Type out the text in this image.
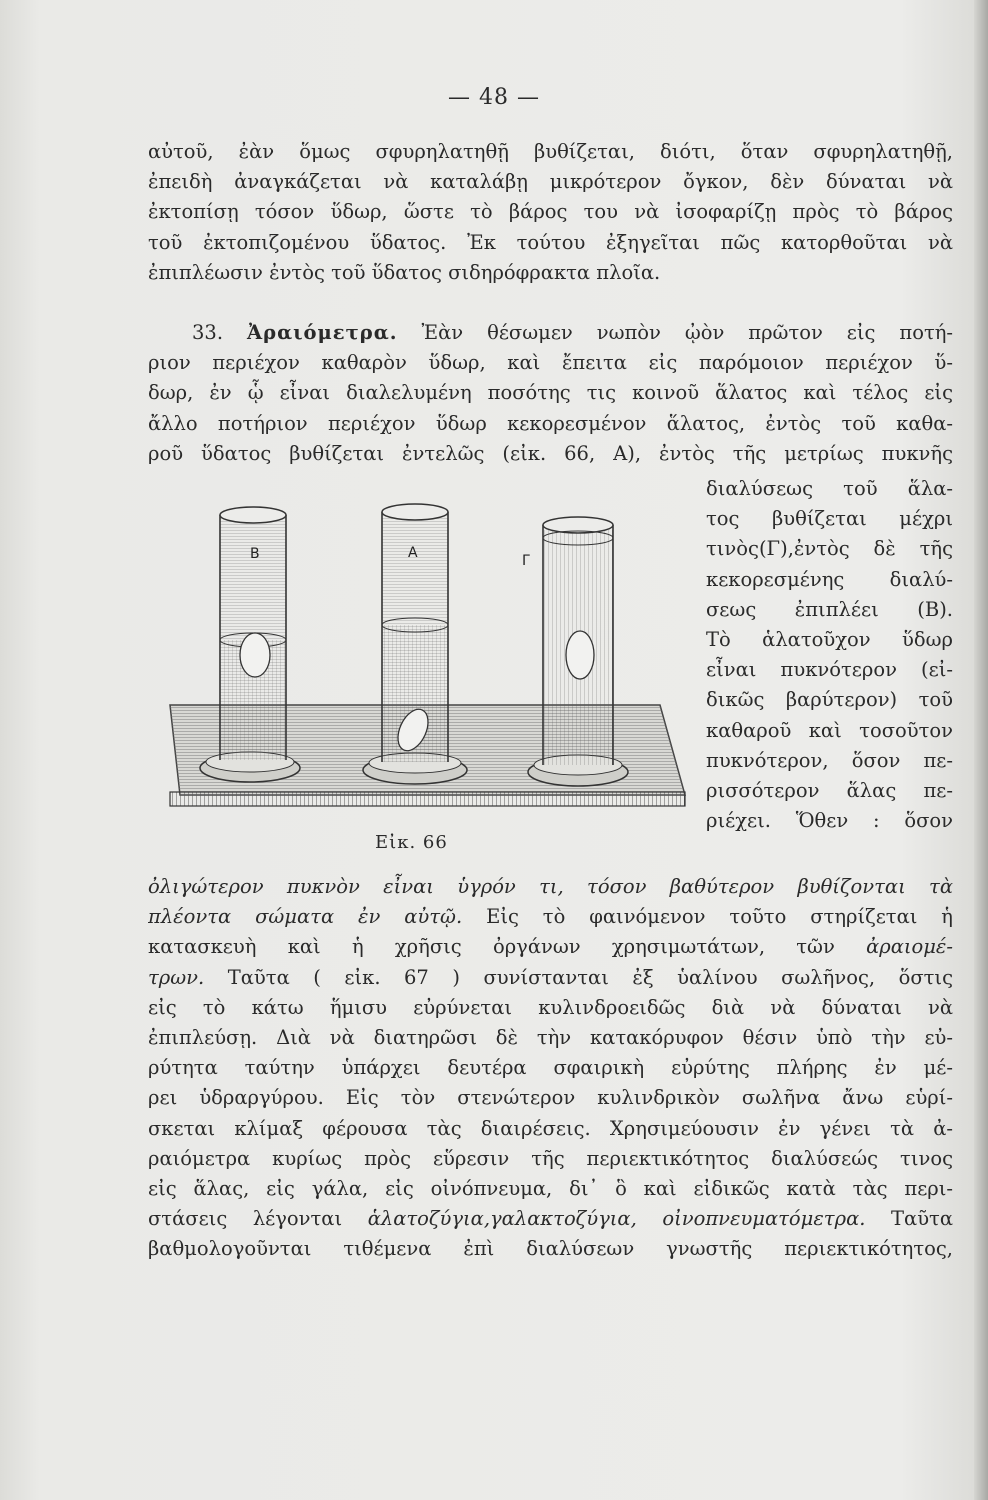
— 48 —
αὐτοῦ, ἐὰν ὅμως σφυρηλατηθῇ βυθίζεται, διότι, ὅταν σφυρηλατηθῇ,
ἐπειδὴ ἀναγκάζεται νὰ καταλάβῃ μικρότερον ὄγκον, δὲν δύναται νὰ
ἐκτοπίσῃ τόσον ὕδωρ, ὥστε τὸ βάρος του νὰ ἰσοφαρίζῃ πρὸς τὸ βάρος
τοῦ ἐκτοπιζομένου ὕδατος. Ἐκ τούτου ἐξηγεῖται πῶς κατορθοῦται νὰ
ἐπιπλέωσιν ἐντὸς τοῦ ὕδατος σιδηρόφρακτα πλοῖα.
33. Ἀραιόμετρα. Ἐὰν θέσωμεν νωπὸν ᾠὸν πρῶτον εἰς ποτή-
ριον περιέχον καθαρὸν ὕδωρ, καὶ ἔπειτα εἰς παρόμοιον περιέχον ὕ-
δωρ, ἐν ᾧ εἶναι διαλελυμένη ποσότης τις κοινοῦ ἅλατος καὶ τέλος εἰς
ἄλλο ποτήριον περιέχον ὕδωρ κεκορεσμένον ἅλατος, ἐντὸς τοῦ καθα-
ροῦ ὕδατος βυθίζεται ἐντελῶς (εἰκ. 66, Α), ἐντὸς τῆς μετρίως πυκνῆς
διαλύσεως τοῦ ἅλα-
τος βυθίζεται μέχρι
τινὸς(Γ),ἐντὸς δὲ τῆς
κεκορεσμένης διαλύ-
σεως ἐπιπλέει (Β).
Τὸ ἁλατοῦχον ὕδωρ
εἶναι πυκνότερον (εἰ-
δικῶς βαρύτερον) τοῦ
καθαροῦ καὶ τοσοῦτον
πυκνότερον, ὅσον πε-
ρισσότερον ἅλας πε-
ριέχει. Ὅθεν : ὅσον
Β	Α	Γ
Εἰκ. 66
ὀλιγώτερον πυκνὸν εἶναι ὑγρόν τι, τόσον βαθύτερον βυθίζονται τὰ
πλέοντα σώματα ἐν αὐτῷ. Εἰς τὸ φαινόμενον τοῦτο στηρίζεται ἡ
κατασκευὴ καὶ ἡ χρῆσις ὀργάνων χρησιμωτάτων, τῶν ἀραιομέ-
τρων. Ταῦτα ( εἰκ. 67 ) συνίστανται ἐξ ὑαλίνου σωλῆνος, ὅστις
εἰς τὸ κάτω ἥμισυ εὐρύνεται κυλινδροειδῶς διὰ νὰ δύναται νὰ
ἐπιπλεύσῃ. Διὰ νὰ διατηρῶσι δὲ τὴν κατακόρυφον θέσιν ὑπὸ τὴν εὐ-
ρύτητα ταύτην ὑπάρχει δευτέρα σφαιρικὴ εὐρύτης πλήρης ἐν μέ-
ρει ὑδραργύρου. Εἰς τὸν στενώτερον κυλινδρικὸν σωλῆνα ἄνω εὑρί-
σκεται κλίμαξ φέρουσα τὰς διαιρέσεις. Χρησιμεύουσιν ἐν γένει τὰ ἀ-
ραιόμετρα κυρίως πρὸς εὕρεσιν τῆς περιεκτικότητος διαλύσεώς τινος
εἰς ἅλας, εἰς γάλα, εἰς οἰνόπνευμα, δι᾽ ὃ καὶ εἰδικῶς κατὰ τὰς περι-
στάσεις λέγονται ἁλατοζύγια,γαλακτοζύγια, οἰνοπνευματόμετρα. Ταῦτα
βαθμολογοῦνται τιθέμενα ἐπὶ διαλύσεων γνωστῆς περιεκτικότητος,
